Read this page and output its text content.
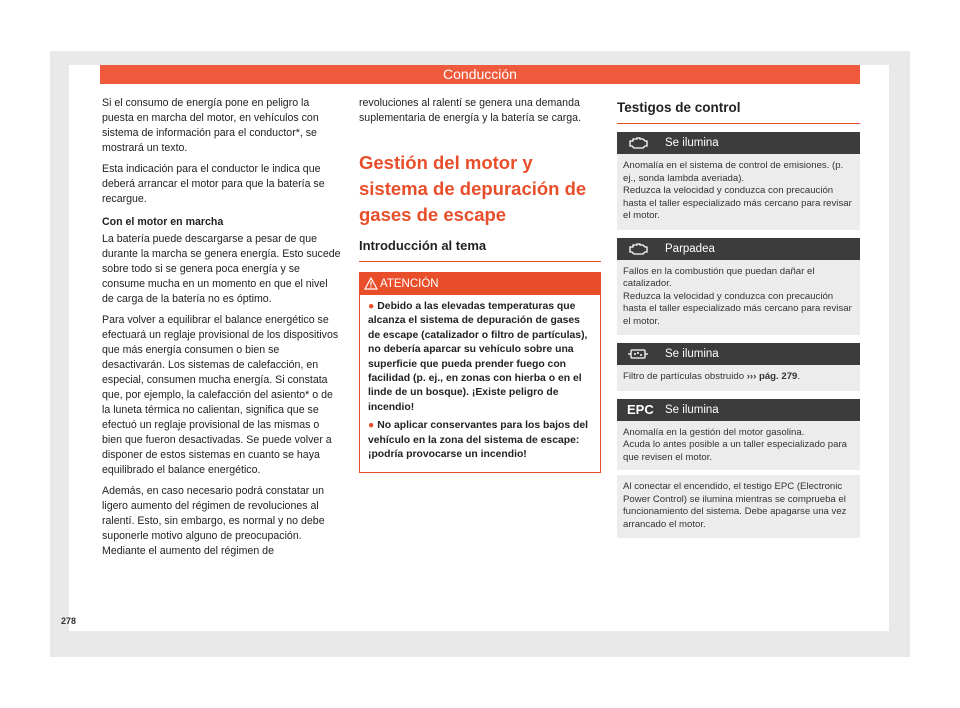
Conducción

Si el consumo de energía pone en peligro la puesta en marcha del motor, en vehículos con sistema de información para el conductor*, se mostrará un texto.

Esta indicación para el conductor le indica que deberá arrancar el motor para que la batería se recargue.

Con el motor en marcha

La batería puede descargarse a pesar de que durante la marcha se genera energía. Esto sucede sobre todo si se genera poca energía y se consume mucha en un momento en que el nivel de carga de la batería no es óptimo.

Para volver a equilibrar el balance energético se efectuará un reglaje provisional de los dispositivos que más energía consumen o bien se desactivarán. Los sistemas de calefacción, en especial, consumen mucha energía. Si constata que, por ejemplo, la calefacción del asiento* o de la luneta térmica no calientan, significa que se efectuó un reglaje provisional de las mismas o bien que fueron desactivadas. Se puede volver a disponer de estos sistemas en cuanto se haya equilibrado el balance energético.

Además, en caso necesario podrá constatar un ligero aumento del régimen de revoluciones al ralentí. Esto, sin embargo, es normal y no debe suponerle motivo alguno de preocupación. Mediante el aumento del régimen de

revoluciones al ralentí se genera una demanda suplementaria de energía y la batería se carga.

Gestión del motor y sistema de depuración de gases de escape
Introducción al tema
ATENCIÓN
● Debido a las elevadas temperaturas que alcanza el sistema de depuración de gases de escape (catalizador o filtro de partículas), no debería aparcar su vehículo sobre una superficie que pueda prender fuego con facilidad (p. ej., en zonas con hierba o en el linde de un bosque). ¡Existe peligro de incendio!
● No aplicar conservantes para los bajos del vehículo en la zona del sistema de escape: ¡podría provocarse un incendio!
Testigos de control
Se ilumina
Anomalía en el sistema de control de emisiones. (p. ej., sonda lambda averiada).
Reduzca la velocidad y conduzca con precaución hasta el taller especializado más cercano para revisar el motor.
Parpadea
Fallos en la combustión que puedan dañar el catalizador.
Reduzca la velocidad y conduzca con precaución hasta el taller especializado más cercano para revisar el motor.
Se ilumina
Filtro de partículas obstruido ››› pág. 279.
EPC Se ilumina
Anomalía en la gestión del motor gasolina.
Acuda lo antes posible a un taller especializado para que revisen el motor.
Al conectar el encendido, el testigo EPC (Electronic Power Control) se ilumina mientras se comprueba el funcionamiento del sistema. Debe apagarse una vez arrancado el motor.
278
